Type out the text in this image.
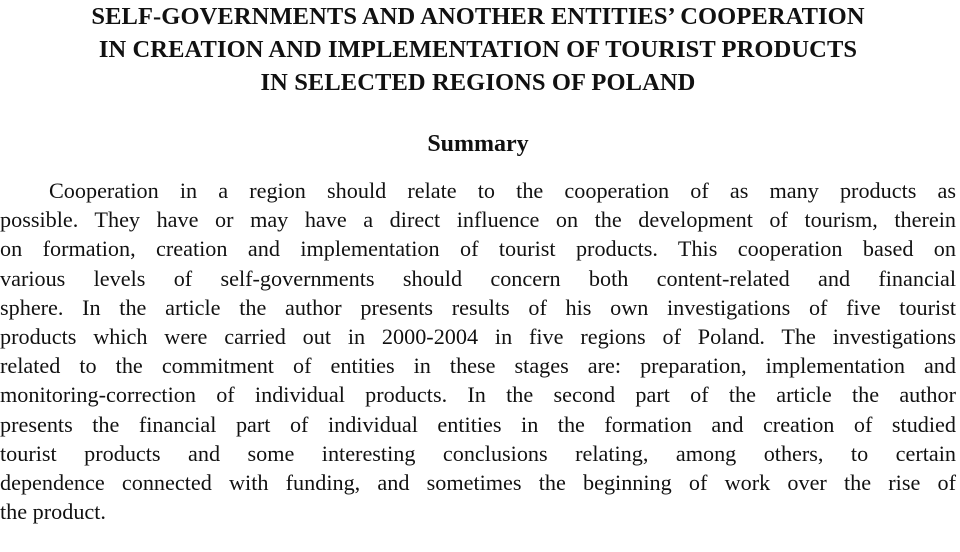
SELF-GOVERNMENTS AND ANOTHER ENTITIES’ COOPERATION
IN CREATION AND IMPLEMENTATION OF TOURIST PRODUCTS
IN SELECTED REGIONS OF POLAND
Summary
Cooperation in a region should relate to the cooperation of as many products as
possible. They have or may have a direct influence on the development of tourism, therein
on formation, creation and implementation of tourist products. This cooperation based on
various levels of self-governments should concern both content-related and financial
sphere. In the article the author presents results of his own investigations of five tourist
products which were carried out in 2000-2004 in five regions of Poland. The investigations
related to the commitment of entities in these stages are: preparation, implementation and
monitoring-correction of individual products. In the second part of the article the author
presents the financial part of individual entities in the formation and creation of studied
tourist products and some interesting conclusions relating, among others, to certain
dependence connected with funding, and sometimes the beginning of work over the rise of
the product.
